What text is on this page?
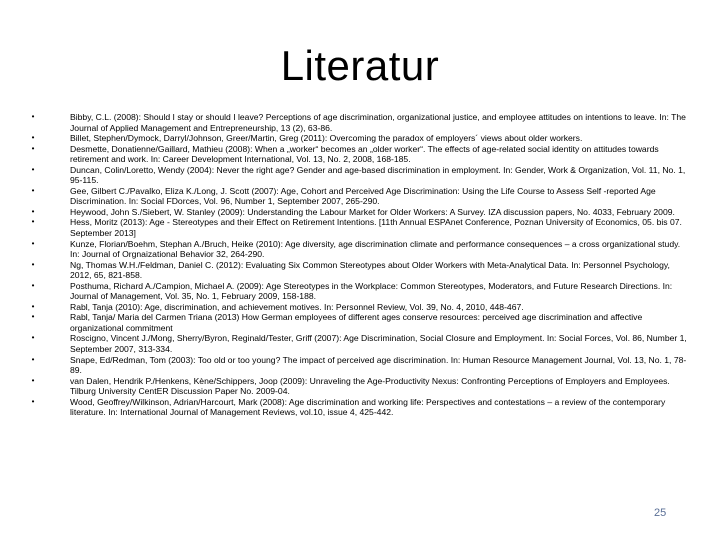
Literatur
•	Bibby, C.L. (2008): Should I stay or should I leave? Perceptions of age discrimination, organizational justice, and employee attitudes on intentions to leave. In: The Journal of Applied Management and Entrepreneurship, 13 (2), 63-86.
•	Billet, Stephen/Dymock, Darryl/Johnson, Greer/Martin, Greg (2011): Overcoming the paradox of employers´ views about older workers.
•	Desmette, Donatienne/Gaillard, Mathieu (2008): When a „worker“ becomes an „older worker“. The effects of age-related social identity on attitudes towards retirement and work. In: Career Development International, Vol. 13, No. 2, 2008, 168-185.
•	Duncan, Colin/Loretto, Wendy (2004): Never the right age? Gender and age-based discrimination in employment. In: Gender, Work & Organization, Vol. 11, No. 1, 95-115.
•	Gee, Gilbert C./Pavalko, Eliza K./Long, J. Scott (2007): Age, Cohort and Perceived Age Discrimination: Using the Life Course to Assess Self -reported Age Discrimination. In: Social FDorces, Vol. 96, Number 1, September 2007, 265-290.
•	Heywood, John S./Siebert, W. Stanley (2009): Understanding the Labour Market for Older Workers: A Survey. IZA discussion papers, No. 4033, February 2009.
•	Hess, Moritz (2013): Age - Stereotypes and their Effect on Retirement Intentions. [11th Annual ESPAnet Conference, Poznan University of Economics, 05. bis 07. September 2013]
•	Kunze, Florian/Boehm, Stephan A./Bruch, Heike (2010): Age diversity, age discrimination climate and performance consequences – a cross organizational study. In: Journal of Orgnaizational Behavior 32, 264-290.
•	Ng, Thomas W.H./Feldman, Daniel C. (2012): Evaluating Six Common Stereotypes about Older Workers with Meta-Analytical Data. In: Personnel Psychology, 2012, 65, 821-858.
•	Posthuma, Richard A./Campion, Michael A. (2009): Age Stereotypes in the Workplace: Common Stereotypes, Moderators, and Future Research Directions. In: Journal of Management, Vol. 35, No. 1, February 2009, 158-188.
•	Rabl, Tanja (2010): Age, discrimination, and achievement motives. In: Personnel Review, Vol. 39, No. 4, 2010, 448-467.
•	Rabl, Tanja/ Maria del Carmen Triana (2013) How German employees of different ages conserve resources: perceived age discrimination and affective organizational commitment
•	Roscigno, Vincent J./Mong, Sherry/Byron, Reginald/Tester, Griff (2007): Age Discrimination, Social Closure and Employment. In: Social Forces, Vol. 86, Number 1, September 2007, 313-334.
•	Snape, Ed/Redman, Tom (2003): Too old or too young? The impact of perceived age discrimination. In: Human Resource Management Journal, Vol. 13, No. 1, 78-89.
•	van Dalen, Hendrik P./Henkens, Kène/Schippers, Joop (2009): Unraveling the Age-Productivity Nexus: Confronting Perceptions of Employers and Employees. Tilburg University CentER Discussion Paper No. 2009-04.
•	Wood, Geoffrey/Wilkinson, Adrian/Harcourt, Mark (2008): Age discrimination and working life: Perspectives and contestations – a review of the contemporary literature. In: International Journal of Management Reviews, vol.10, issue 4, 425-442.
25
